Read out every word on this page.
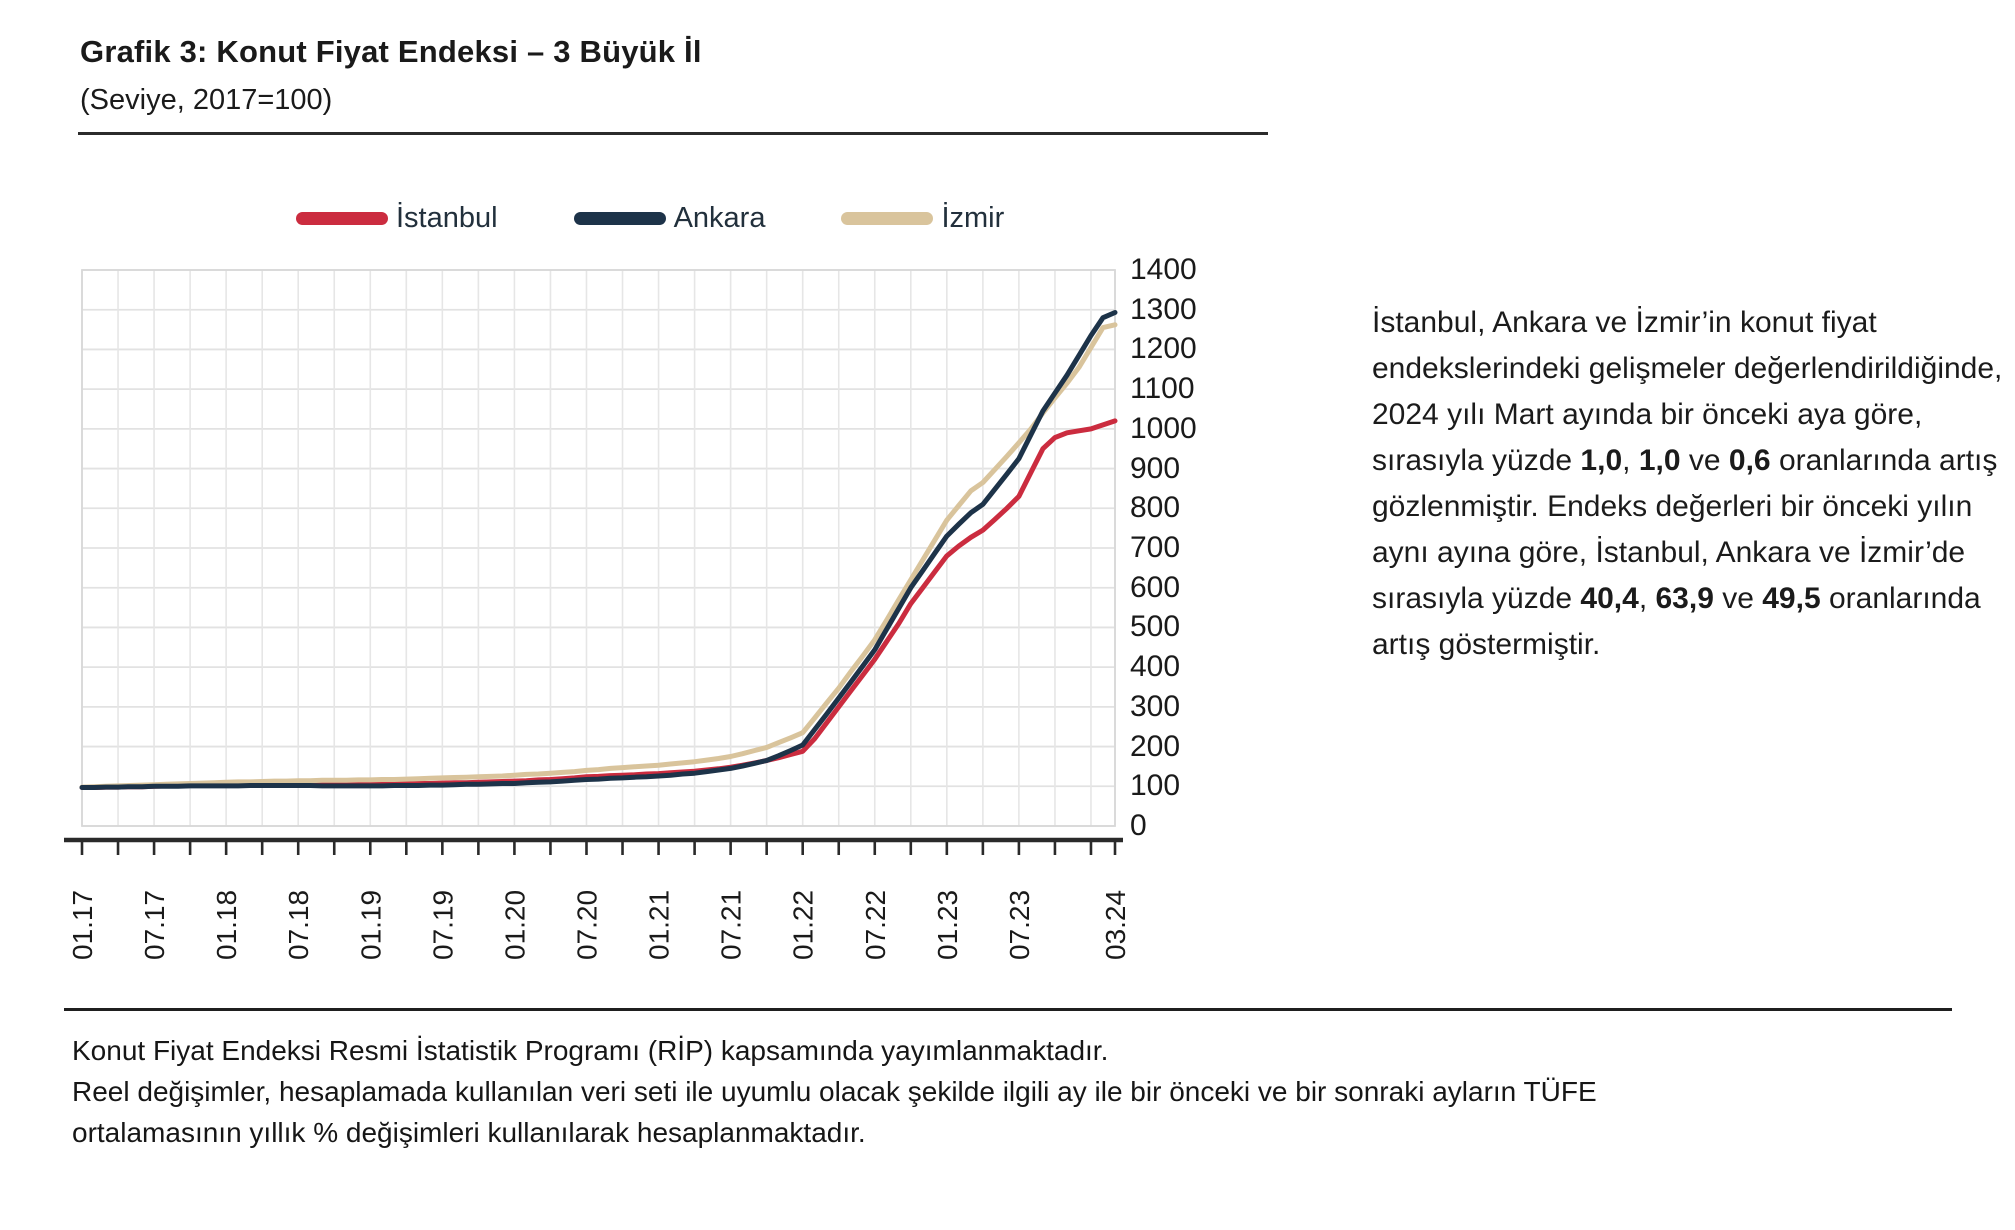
Grafik 3: Konut Fiyat Endeksi – 3 Büyük İl
(Seviye, 2017=100)
İstanbul	Ankara	İzmir
01.17 07.17 01.18 07.18 01.19 07.19 01.20 07.20 01.21 07.21 01.22 07.22 01.23 07.23 03.24
1400
1300
1200
1100
1000
900
800
700
600
500
400
300
200
100
0
İstanbul, Ankara ve İzmir’in konut fiyat endekslerindeki gelişmeler değerlendirildiğinde, 2024 yılı Mart ayında bir önceki aya göre, sırasıyla yüzde 1,0, 1,0 ve 0,6 oranlarında artış gözlenmiştir. Endeks değerleri bir önceki yılın aynı ayına göre, İstanbul, Ankara ve İzmir’de sırasıyla yüzde 40,4, 63,9 ve 49,5 oranlarında artış göstermiştir.
Konut Fiyat Endeksi Resmi İstatistik Programı (RİP) kapsamında yayımlanmaktadır.
Reel değişimler, hesaplamada kullanılan veri seti ile uyumlu olacak şekilde ilgili ay ile bir önceki ve bir sonraki ayların TÜFE
ortalamasının yıllık % değişimleri kullanılarak hesaplanmaktadır.
